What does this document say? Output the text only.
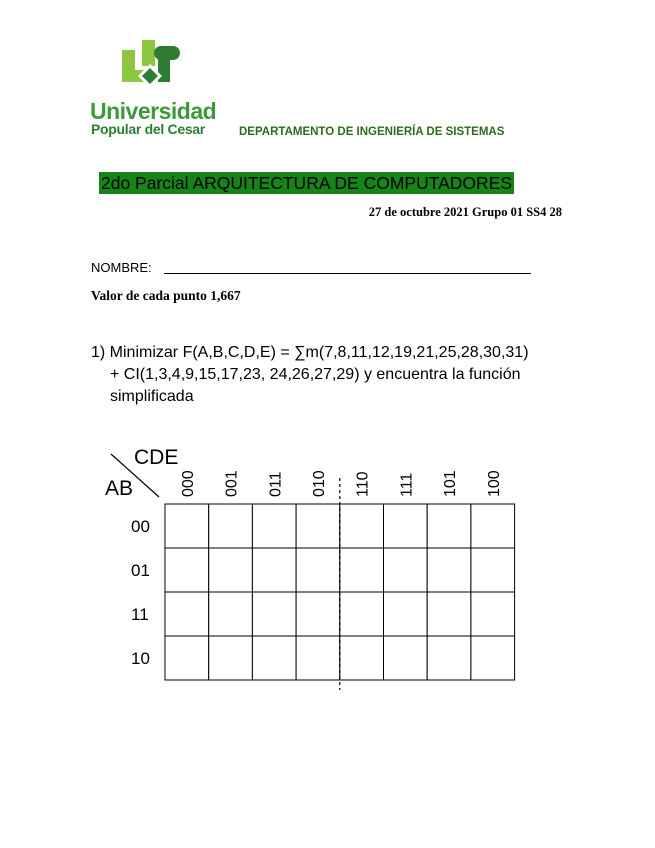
Universidad
Popular del Cesar	DEPARTAMENTO DE INGENIERÍA DE SISTEMAS
2do Parcial ARQUITECTURA DE COMPUTADORES
27 de octubre 2021 Grupo 01 SS4 28
NOMBRE:
Valor de cada punto 1,667
1) Minimizar F(A,B,C,D,E) = ∑m(7,8,11,12,19,21,25,28,30,31)
+ CI(1,3,4,9,15,17,23, 24,26,27,29) y encuentra la función
simplificada
CDE
AB	000 001 011 010 110 111 101 100
00
01
11
10
